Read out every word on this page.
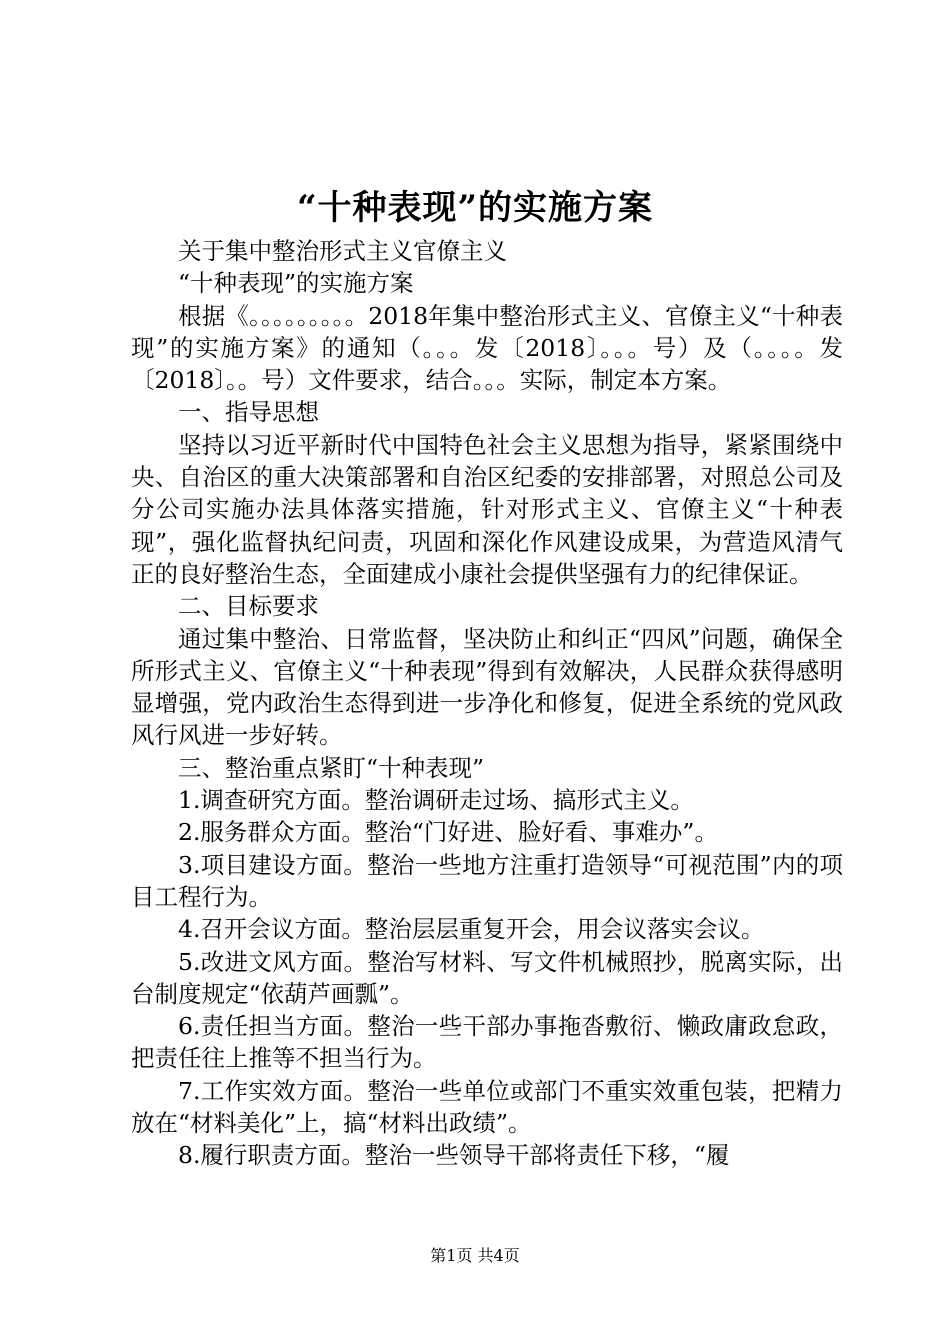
“十种表现”的实施方案

关于集中整治形式主义官僚主义

“十种表现”的实施方案

根据《。。。。。。。。。2018年集中整治形式主义、官僚主义“十种表现”的实施方案》的通知（。。。发〔2018〕。。。号）及（。。。。发〔2018〕。。号）文件要求，结合。。。实际，制定本方案。

一、指导思想

坚持以习近平新时代中国特色社会主义思想为指导，紧紧围绕中央、自治区的重大决策部署和自治区纪委的安排部署，对照总公司及分公司实施办法具体落实措施，针对形式主义、官僚主义“十种表现”，强化监督执纪问责，巩固和深化作风建设成果，为营造风清气正的良好整治生态，全面建成小康社会提供坚强有力的纪律保证。

二、目标要求

通过集中整治、日常监督，坚决防止和纠正“四风”问题，确保全所形式主义、官僚主义“十种表现”得到有效解决，人民群众获得感明显增强，党内政治生态得到进一步净化和修复，促进全系统的党风政风行风进一步好转。

三、整治重点紧盯“十种表现”

1.调查研究方面。整治调研走过场、搞形式主义。

2.服务群众方面。整治“门好进、脸好看、事难办”。

3.项目建设方面。整治一些地方注重打造领导“可视范围”内的项目工程行为。

4.召开会议方面。整治层层重复开会，用会议落实会议。

5.改进文风方面。整治写材料、写文件机械照抄，脱离实际，出台制度规定“依葫芦画瓢”。

6.责任担当方面。整治一些干部办事拖沓敷衍、懒政庸政怠政，把责任往上推等不担当行为。

7.工作实效方面。整治一些单位或部门不重实效重包装，把精力放在“材料美化”上，搞“材料出政绩”。

8.履行职责方面。整治一些领导干部将责任下移，“履

第1页 共4页
